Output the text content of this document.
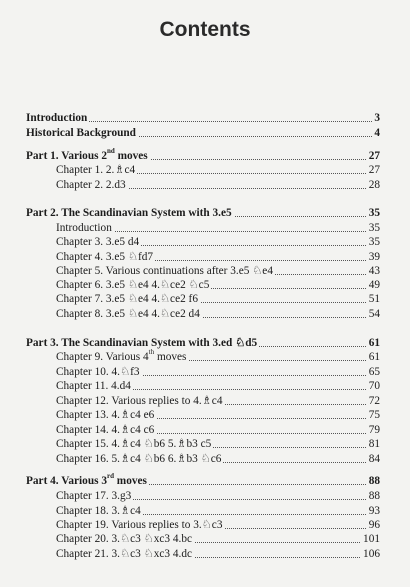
Contents
Introduction	3
Historical Background	4
Part 1. Various 2nd moves	27
Chapter 1. 2.♗c4	27
Chapter 2. 2.d3	28
Part 2. The Scandinavian System with 3.e5	35
Introduction	35
Chapter 3. 3.e5 d4	35
Chapter 4. 3.e5 ♘fd7	39
Chapter 5. Various continuations after 3.e5 ♘e4	43
Chapter 6. 3.e5 ♘e4 4.♘ce2 ♘c5	49
Chapter 7. 3.e5 ♘e4 4.♘ce2 f6	51
Chapter 8. 3.e5 ♘e4 4.♘ce2 d4	54
Part 3. The Scandinavian System with 3.ed ♘d5	61
Chapter 9. Various 4th moves	61
Chapter 10. 4.♘f3	65
Chapter 11. 4.d4	70
Chapter 12. Various replies to 4.♗c4	72
Chapter 13. 4.♗c4 e6	75
Chapter 14. 4.♗c4 c6	79
Chapter 15. 4.♗c4 ♘b6 5.♗b3 c5	81
Chapter 16. 5.♗c4 ♘b6 6.♗b3 ♘c6	84
Part 4. Various 3rd moves	88
Chapter 17. 3.g3	88
Chapter 18. 3.♗c4	93
Chapter 19. Various replies to 3.♘c3	96
Chapter 20. 3.♘c3 ♘xc3 4.bc	101
Chapter 21. 3.♘c3 ♘xc3 4.dc	106
